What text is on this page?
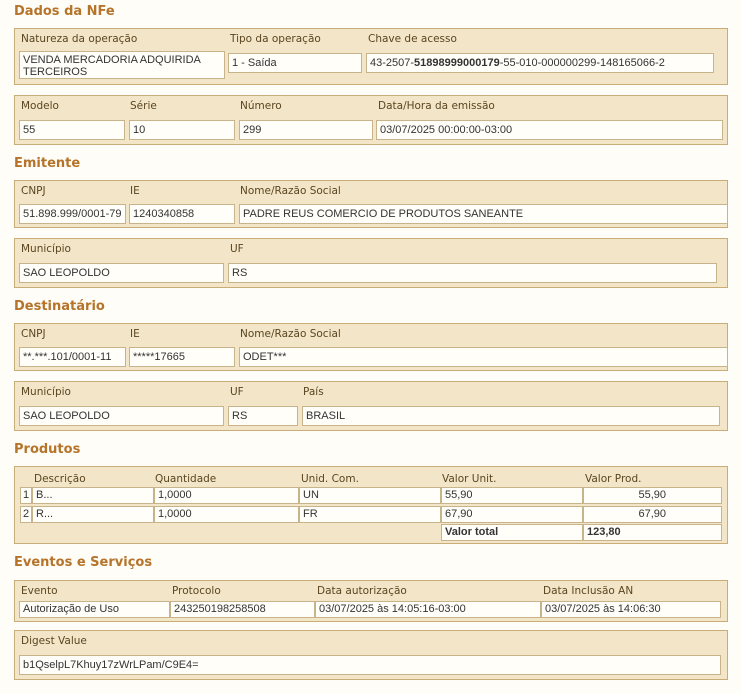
Dados da NFe
Natureza da operação
VENDA MERCADORIA ADQUIRIDA TERCEIROS
Tipo da operação
1 - Saída
Chave de acesso
43-2507-51898999000179-55-010-000000299-148165066-2
Modelo
55
Série
10
Número
299
Data/Hora da emissão
03/07/2025 00:00:00-03:00
Emitente
CNPJ
51.898.999/0001-79
IE
1240340858
Nome/Razão Social
PADRE REUS COMERCIO DE PRODUTOS SANEANTE
Município
SAO LEOPOLDO
UF
RS
Destinatário
CNPJ
**.***.101/0001-11
IE
*****17665
Nome/Razão Social
ODET***
Município
SAO LEOPOLDO
UF
RS
País
BRASIL
Produtos
Descrição	Quantidade	Unid. Com.	Valor Unit.	Valor Prod.
1 B...	1,0000	UN	55,90	55,90
2 R...	1,0000	FR	67,90	67,90
Valor total	123,80
Eventos e Serviços
Evento	Protocolo	Data autorização	Data Inclusão AN
Autorização de Uso	243250198258508	03/07/2025 às 14:05:16-03:00	03/07/2025 às 14:06:30
Digest Value
b1QselpL7Khuy17zWrLPam/C9E4=
